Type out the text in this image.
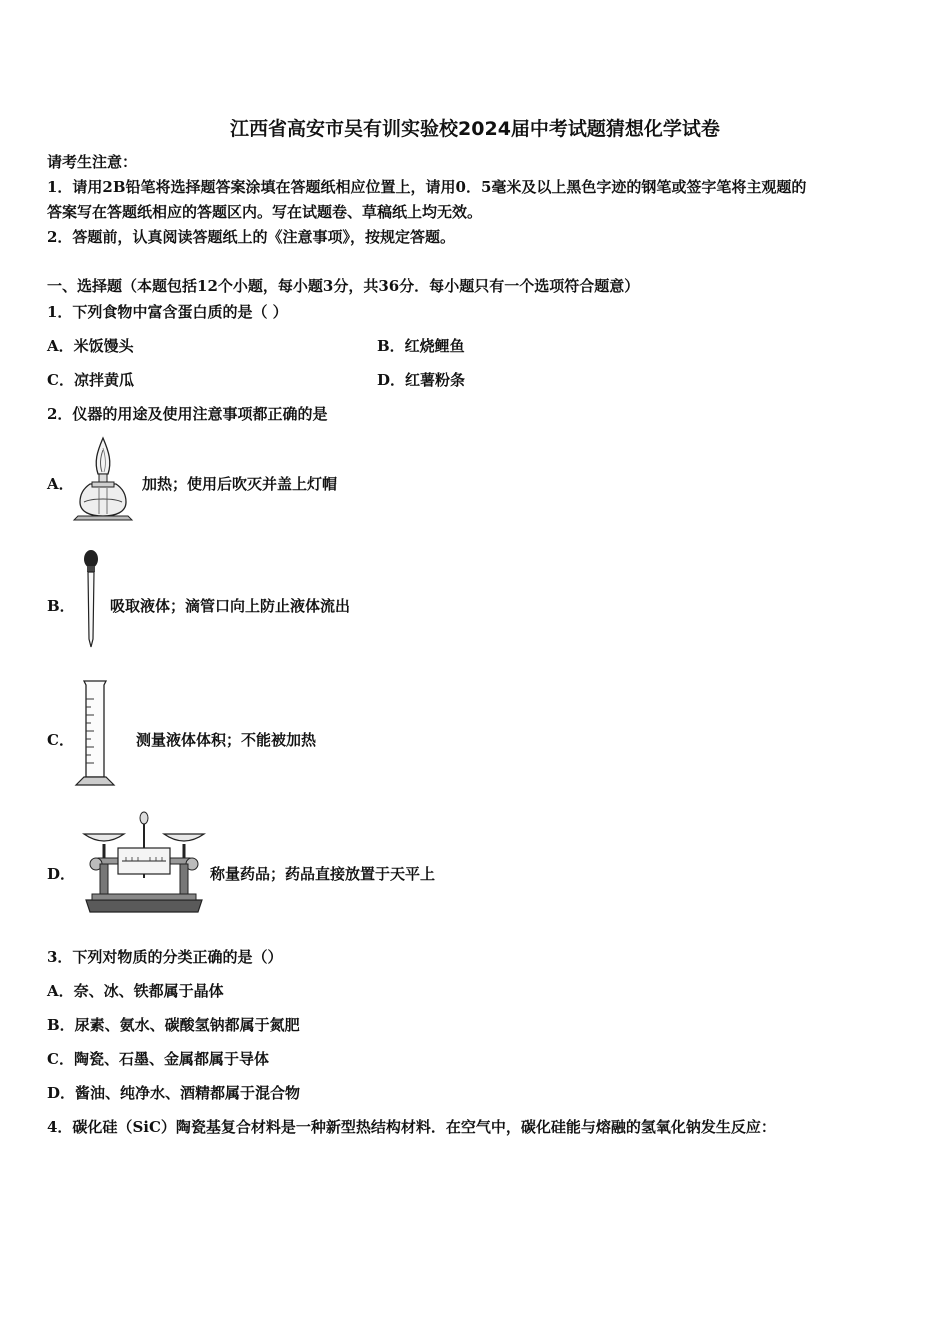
江西省高安市吴有训实验校2024届中考试题猜想化学试卷
请考生注意：
1．请用2B铅笔将选择题答案涂填在答题纸相应位置上，请用0．5毫米及以上黑色字迹的钢笔或签字笔将主观题的
答案写在答题纸相应的答题区内。写在试题卷、草稿纸上均无效。
2．答题前，认真阅读答题纸上的《注意事项》，按规定答题。
一、选择题（本题包括12个小题，每小题3分，共36分．每小题只有一个选项符合题意）
1．下列食物中富含蛋白质的是（ ）
A．米饭馒头	B．红烧鲤鱼
C．凉拌黄瓜	D．红薯粉条
2．仪器的用途及使用注意事项都正确的是
A．	加热；使用后吹灭并盖上灯帽
B． 吸取液体；滴管口向上防止液体流出
C．	测量液体体积；不能被加热
D．	称量药品；药品直接放置于天平上
3．下列对物质的分类正确的是（）
A．奈、冰、铁都属于晶体
B．尿素、氨水、碳酸氢钠都属于氮肥
C．陶瓷、石墨、金属都属于导体
D．酱油、纯净水、酒精都属于混合物
4．碳化硅（SiC）陶瓷基复合材料是一种新型热结构材料．在空气中，碳化硅能与熔融的氢氧化钠发生反应：
